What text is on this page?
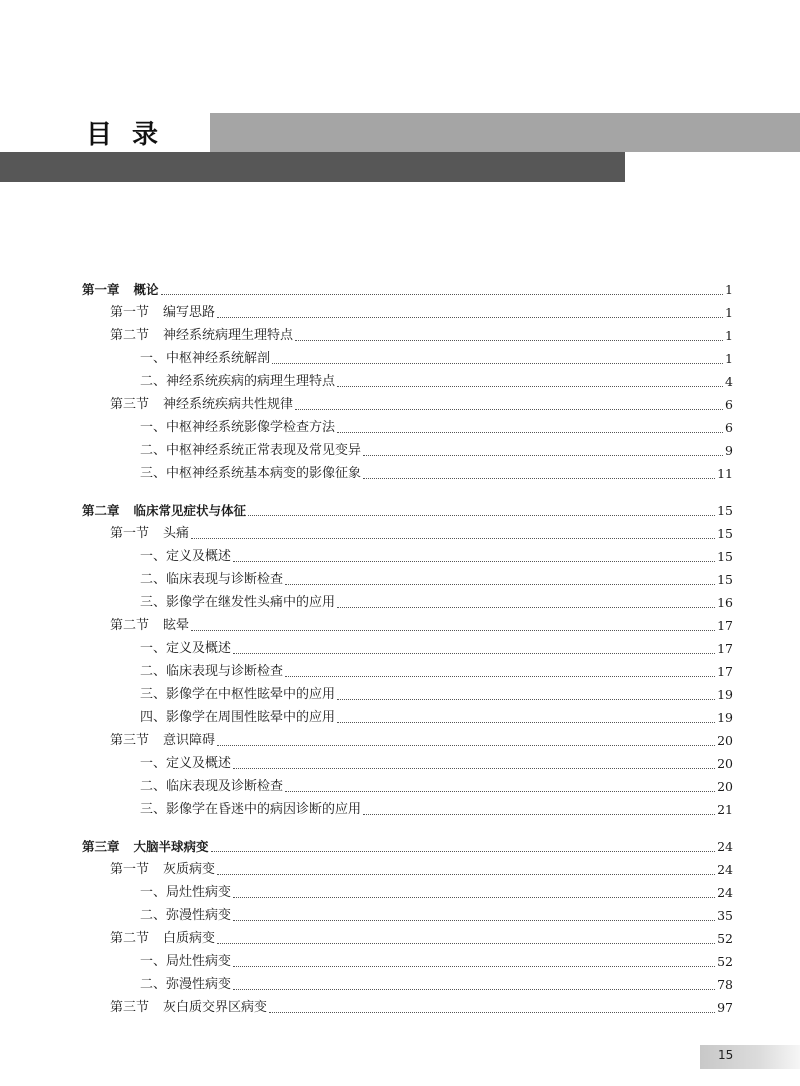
目录
第一章 概论	1
第一节 编写思路	1
第二节 神经系统病理生理特点	1
一、 中枢神经系统解剖	1
二、 神经系统疾病的病理生理特点	4
第三节 神经系统疾病共性规律	6
一、 中枢神经系统影像学检查方法	6
二、 中枢神经系统正常表现及常见变异	9
三、 中枢神经系统基本病变的影像征象	11
第二章 临床常见症状与体征	15
第一节 头痛	15
一、 定义及概述	15
二、 临床表现与诊断检查	15
三、 影像学在继发性头痛中的应用	16
第二节 眩晕	17
一、 定义及概述	17
二、 临床表现与诊断检查	17
三、 影像学在中枢性眩晕中的应用	19
四、 影像学在周围性眩晕中的应用	19
第三节 意识障碍	20
一、 定义及概述	20
二、 临床表现及诊断检查	20
三、 影像学在昏迷中的病因诊断的应用	21
第三章 大脑半球病变	24
第一节 灰质病变	24
一、 局灶性病变	24
二、 弥漫性病变	35
第二节 白质病变	52
一、 局灶性病变	52
二、 弥漫性病变	78
第三节 灰白质交界区病变	97
15
